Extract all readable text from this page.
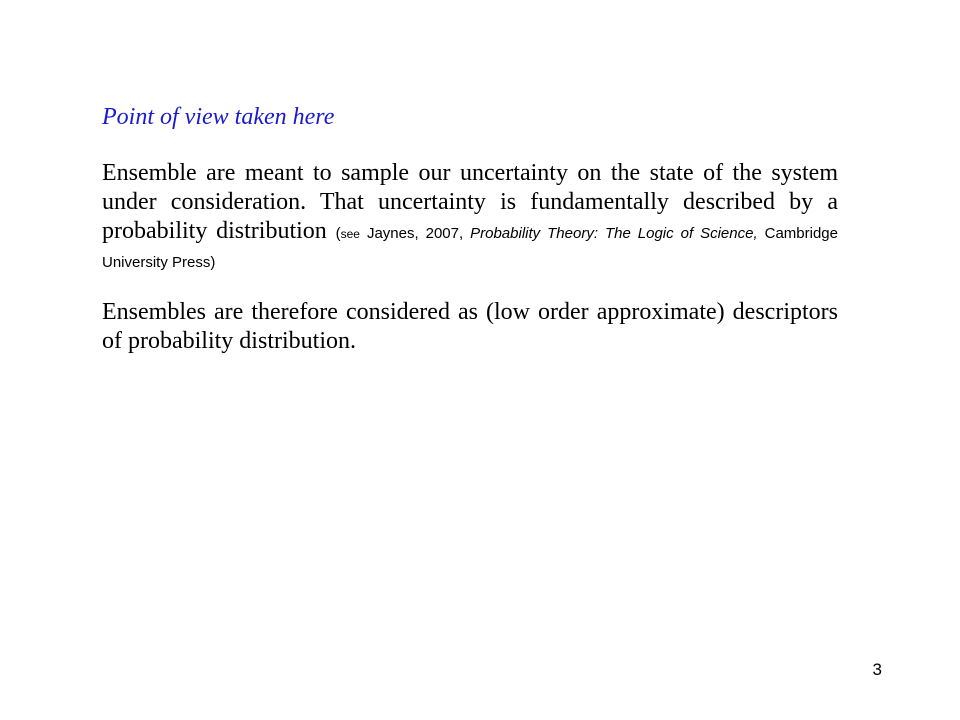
Point of view taken here

Ensemble are meant to sample our uncertainty on the state of the system under consideration. That uncertainty is fundamentally described by a probability distribution (see Jaynes, 2007, Probability Theory: The Logic of Science, Cambridge University Press)

Ensembles are therefore considered as (low order approximate) descriptors of probability distribution.

3
